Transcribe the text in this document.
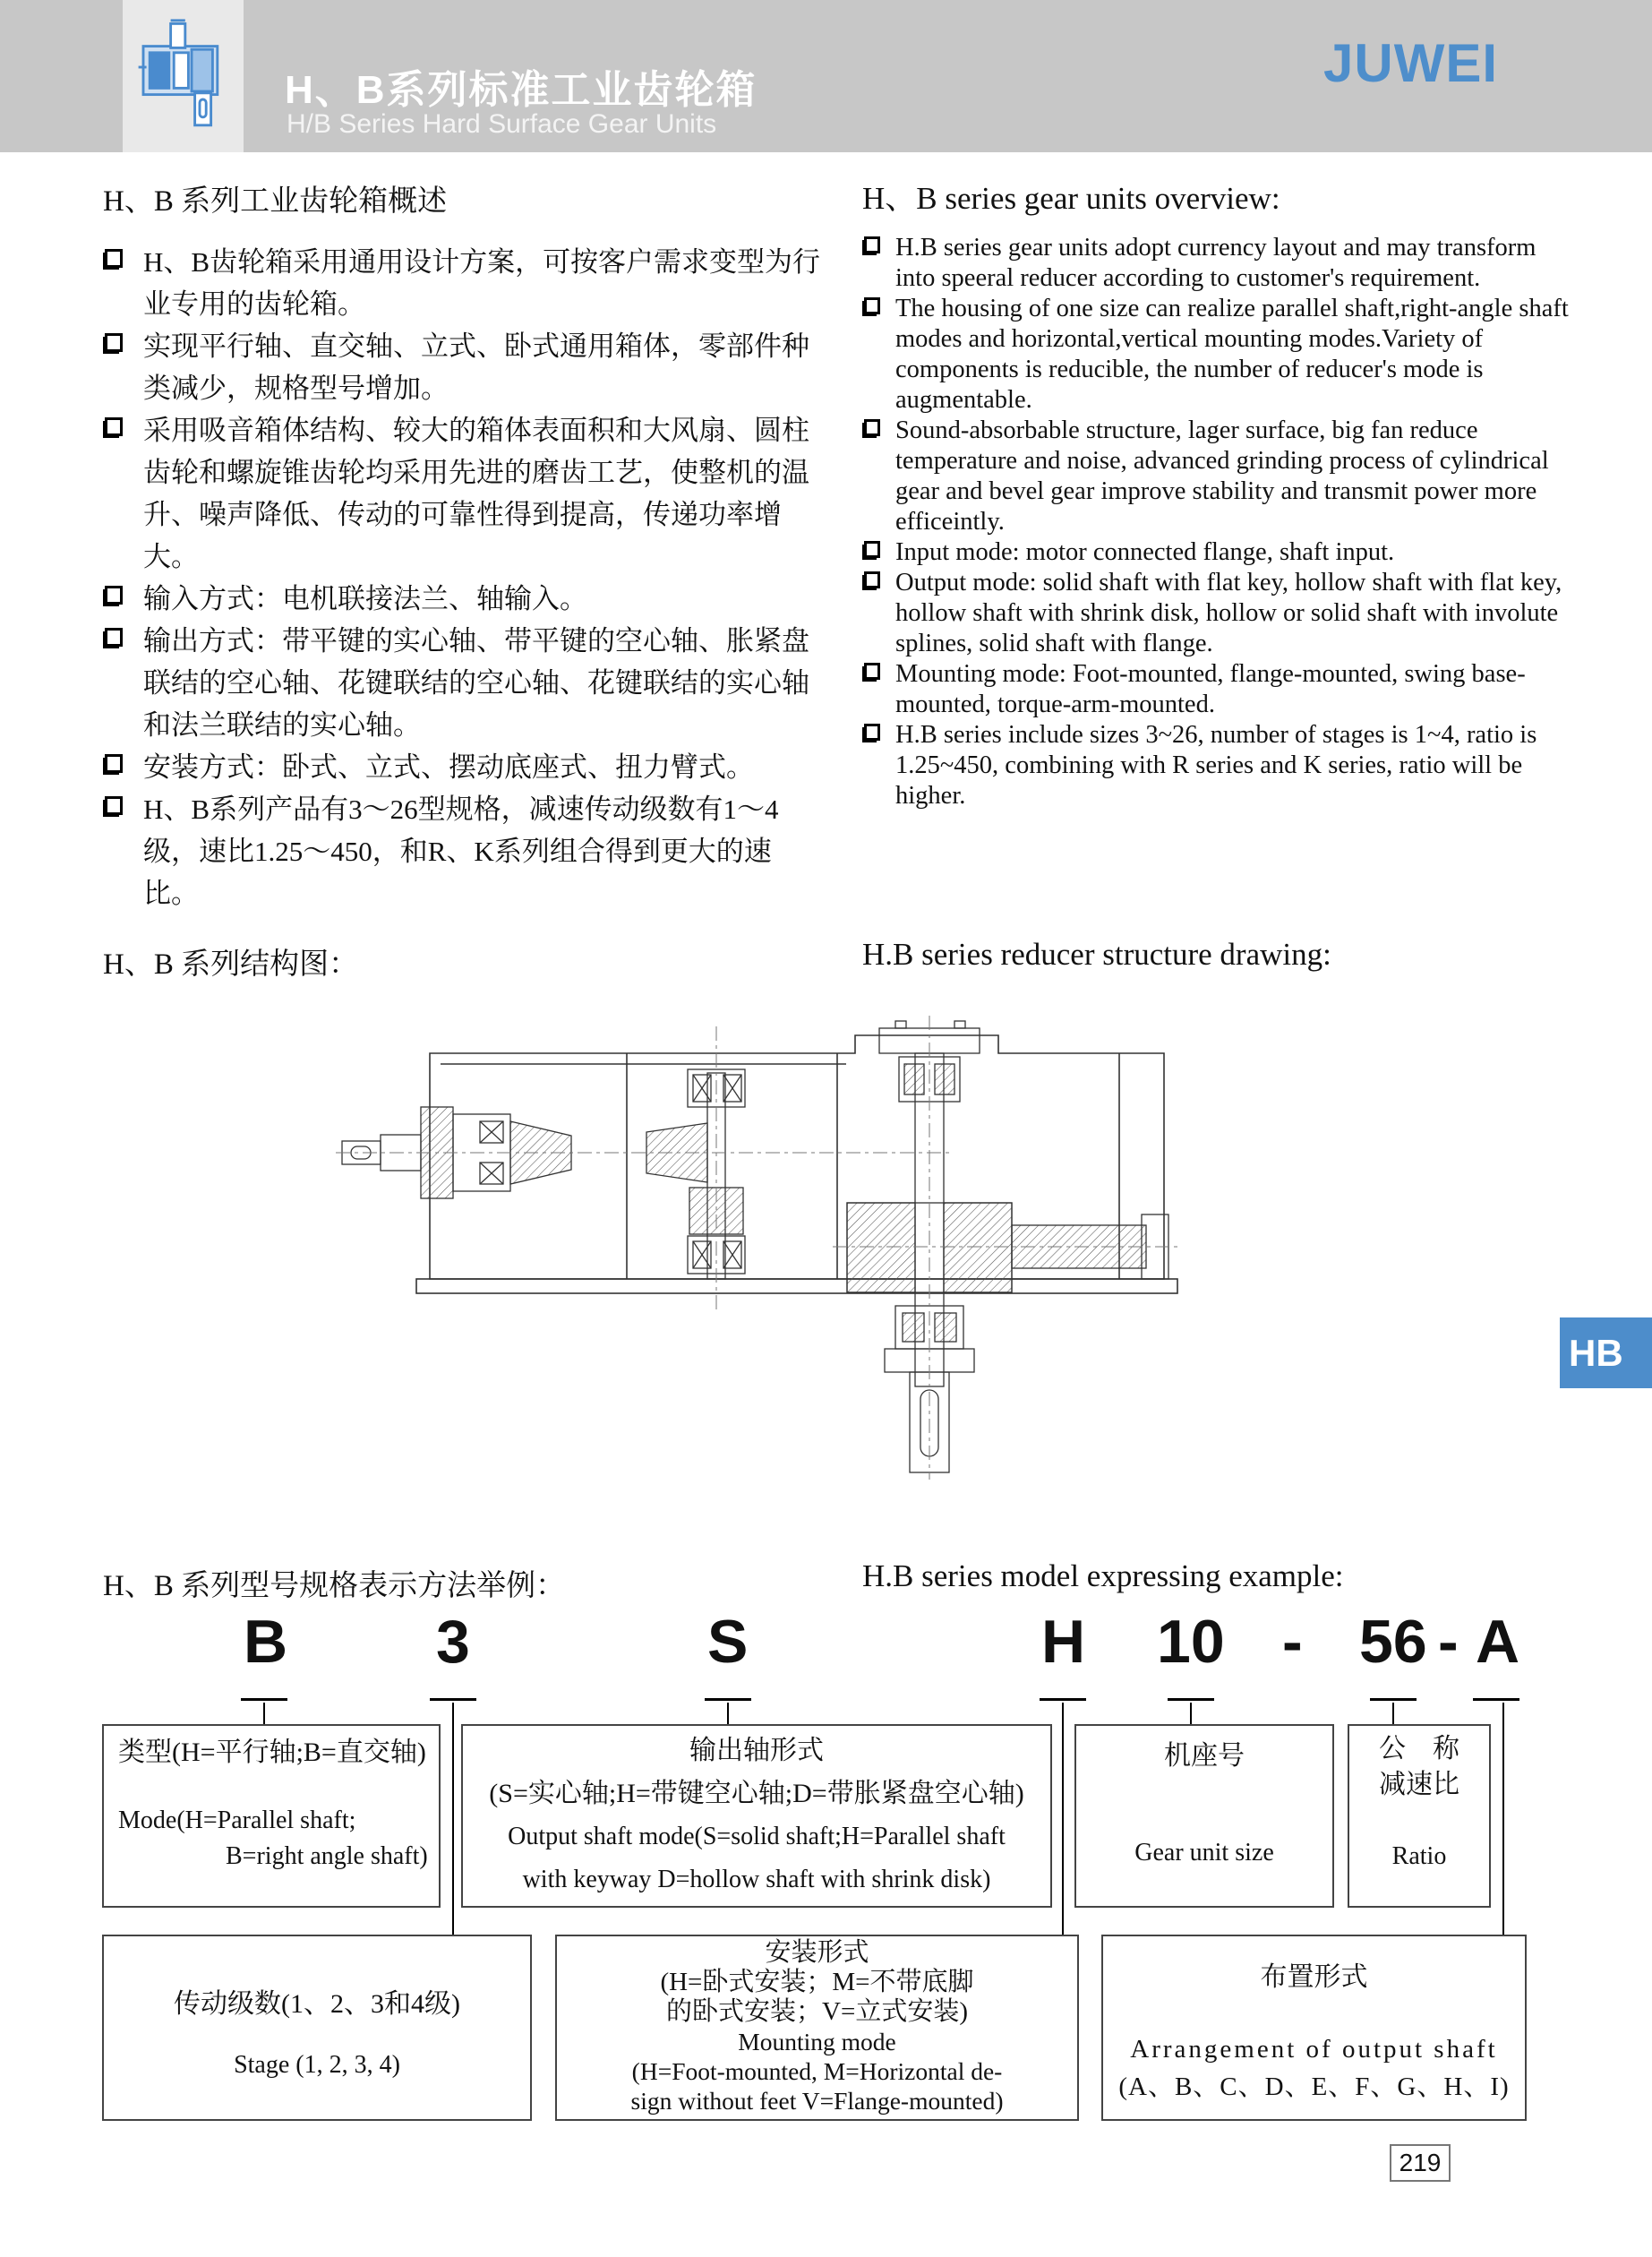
H、B系列标准工业齿轮箱
H/B Series Hard Surface Gear Units
JUWEI
H、B 系列工业齿轮箱概述
H、B齿轮箱采用通用设计方案，可按客户需求变型为行业专用的齿轮箱。
实现平行轴、直交轴、立式、卧式通用箱体，零部件种类减少，规格型号增加。
采用吸音箱体结构、较大的箱体表面积和大风扇、圆柱齿轮和螺旋锥齿轮均采用先进的磨齿工艺，使整机的温升、噪声降低、传动的可靠性得到提高，传递功率增大。
输入方式：电机联接法兰、轴输入。
输出方式：带平键的实心轴、带平键的空心轴、胀紧盘联结的空心轴、花键联结的空心轴、花键联结的实心轴和法兰联结的实心轴。
安装方式：卧式、立式、摆动底座式、扭力臂式。
H、B系列产品有3～26型规格，减速传动级数有1～4级，速比1.25～450，和R、K系列组合得到更大的速比。
H、B series gear units overview:
H.B series gear units adopt currency layout and may transform into speeral reducer according to customer's requirement.
The housing of one size can realize parallel shaft,right-angle shaft modes and horizontal,vertical mounting modes.Variety of components is reducible, the number of reducer's mode is augmentable.
Sound-absorbable structure, lager surface, big fan reduce temperature and noise, advanced grinding process of cylindrical gear and bevel gear improve stability and transmit power more efficeintly.
Input mode: motor connected flange, shaft input.
Output mode: solid shaft with flat key, hollow shaft with flat key, hollow shaft with shrink disk, hollow or solid shaft with involute splines, solid shaft with flange.
Mounting mode: Foot-mounted, flange-mounted, swing base-mounted, torque-arm-mounted.
H.B series include sizes 3~26, number of stages is 1~4, ratio is 1.25~450, combining with R series and K series, ratio will be higher.
H、B 系列结构图：	H.B series reducer structure drawing:
HB
H、B 系列型号规格表示方法举例：	H.B series model expressing example:
B 3	S	H 10 - 56 - A
类型(H=平行轴;B=直交轴)
Mode(H=Parallel shaft;
B=right angle shaft)
输出轴形式
(S=实心轴;H=带键空心轴;D=带胀紧盘空心轴)
Output shaft mode(S=solid shaft;H=Parallel shaft
with keyway D=hollow shaft with shrink disk)
机座号
Gear unit size
公　称
减速比
Ratio
传动级数(1、2、3和4级)
Stage (1, 2, 3, 4)
安装形式
(H=卧式安装；M=不带底脚
的卧式安装；V=立式安装)
Mounting mode
(H=Foot-mounted, M=Horizontal de-
sign without feet V=Flange-mounted)
布置形式
Arrangement of output shaft
(A、B、C、D、E、F、G、H、I)
219
